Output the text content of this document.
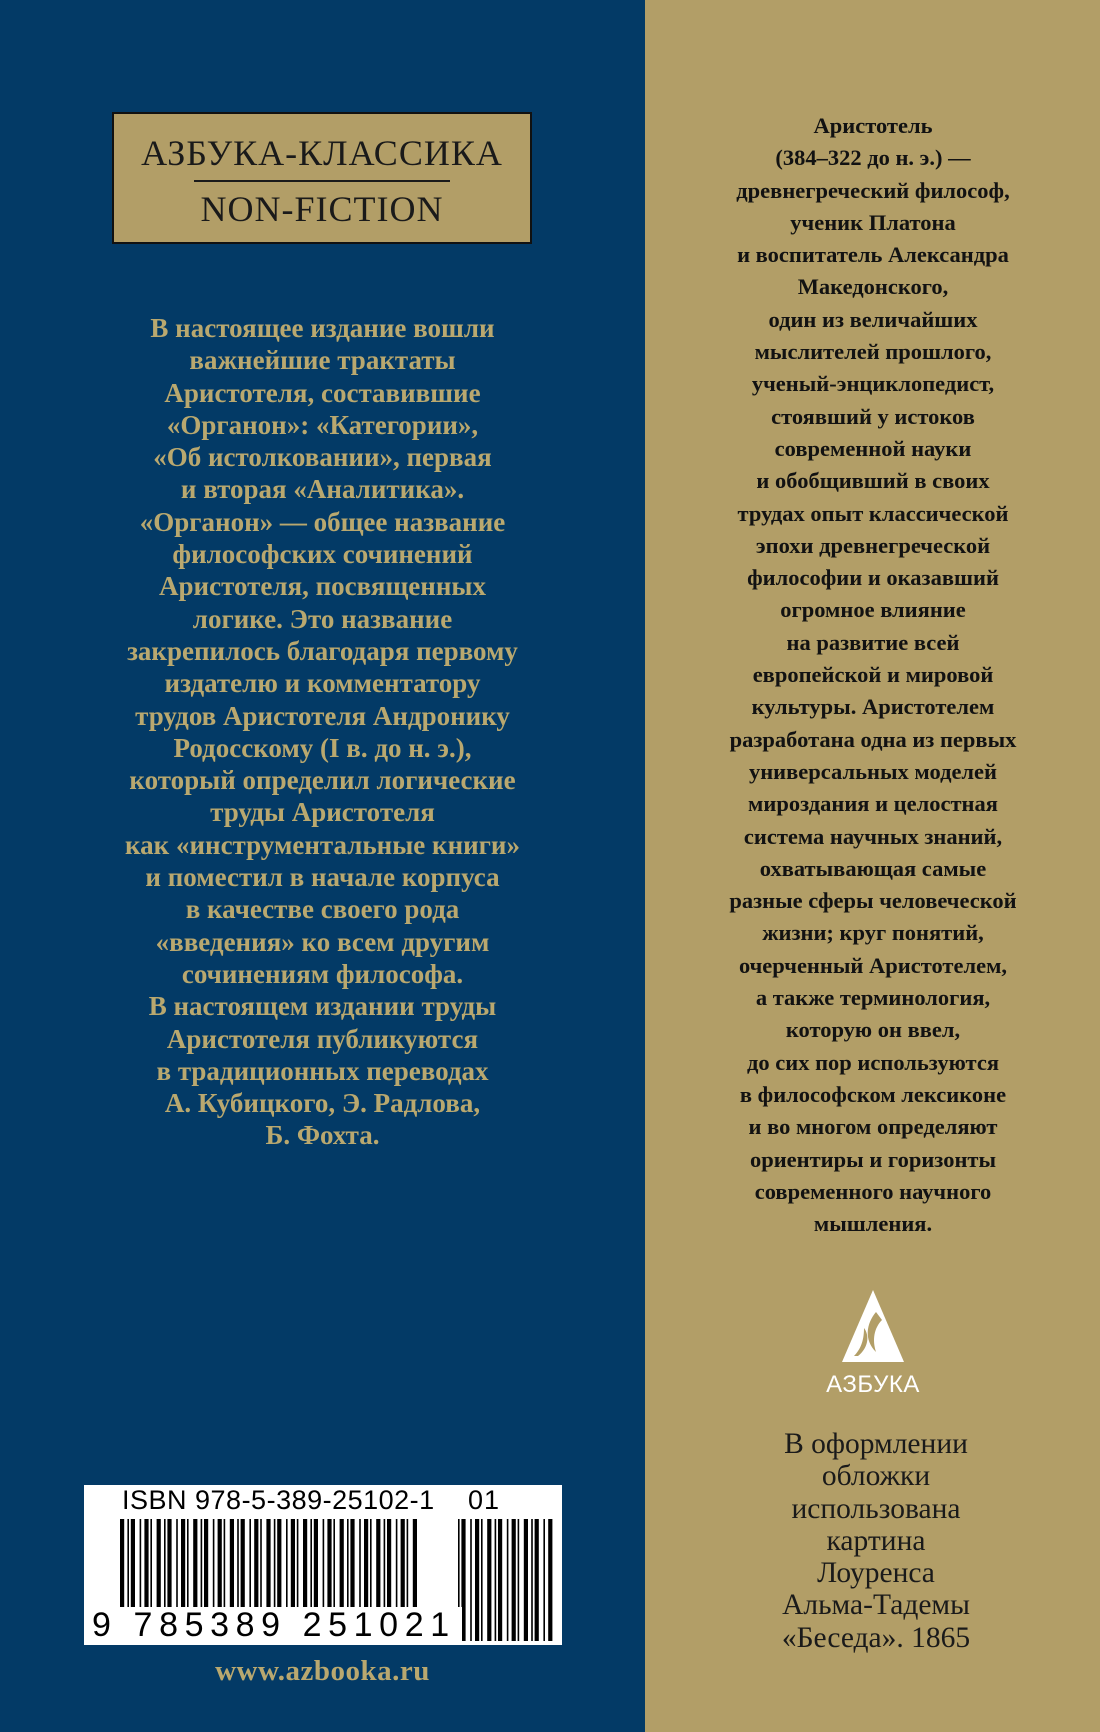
АЗБУКА-КЛАССИКА
NON-FICTION

В настоящее издание вошли
важнейшие трактаты
Аристотеля, составившие
«Органон»: «Категории»,
«Об истолковании», первая
и вторая «Аналитика».
«Органон» — общее название
философских сочинений
Аристотеля, посвященных
логике. Это название
закрепилось благодаря первому
издателю и комментатору
трудов Аристотеля Андронику
Родосскому (I в. до н. э.),
который определил логические
труды Аристотеля
как «инструментальные книги»
и поместил в начале корпуса
в качестве своего рода
«введения» ко всем другим
сочинениям философа.
В настоящем издании труды
Аристотеля публикуются
в традиционных переводах
А. Кубицкого, Э. Радлова,
Б. Фохта.

Аристотель
(384–322 до н. э.) —
древнегреческий философ,
ученик Платона
и воспитатель Александра
Македонского,
один из величайших
мыслителей прошлого,
ученый-энциклопедист,
стоявший у истоков
современной науки
и обобщивший в своих
трудах опыт классической
эпохи древнегреческой
философии и оказавший
огромное влияние
на развитие всей
европейской и мировой
культуры. Аристотелем
разработана одна из первых
универсальных моделей
мироздания и целостная
система научных знаний,
охватывающая самые
разные сферы человеческой
жизни; круг понятий,
очерченный Аристотелем,
а также терминология,
которую он ввел,
до сих пор используются
в философском лексиконе
и во многом определяют
ориентиры и горизонты
современного научного
мышления.

АЗБУКА

В оформлении
обложки
использована
картина
Лоуренса
Альма-Тадемы
«Беседа». 1865

ISBN 978-5-389-25102-1 01
9 785389 251021
www.azbooka.ru
